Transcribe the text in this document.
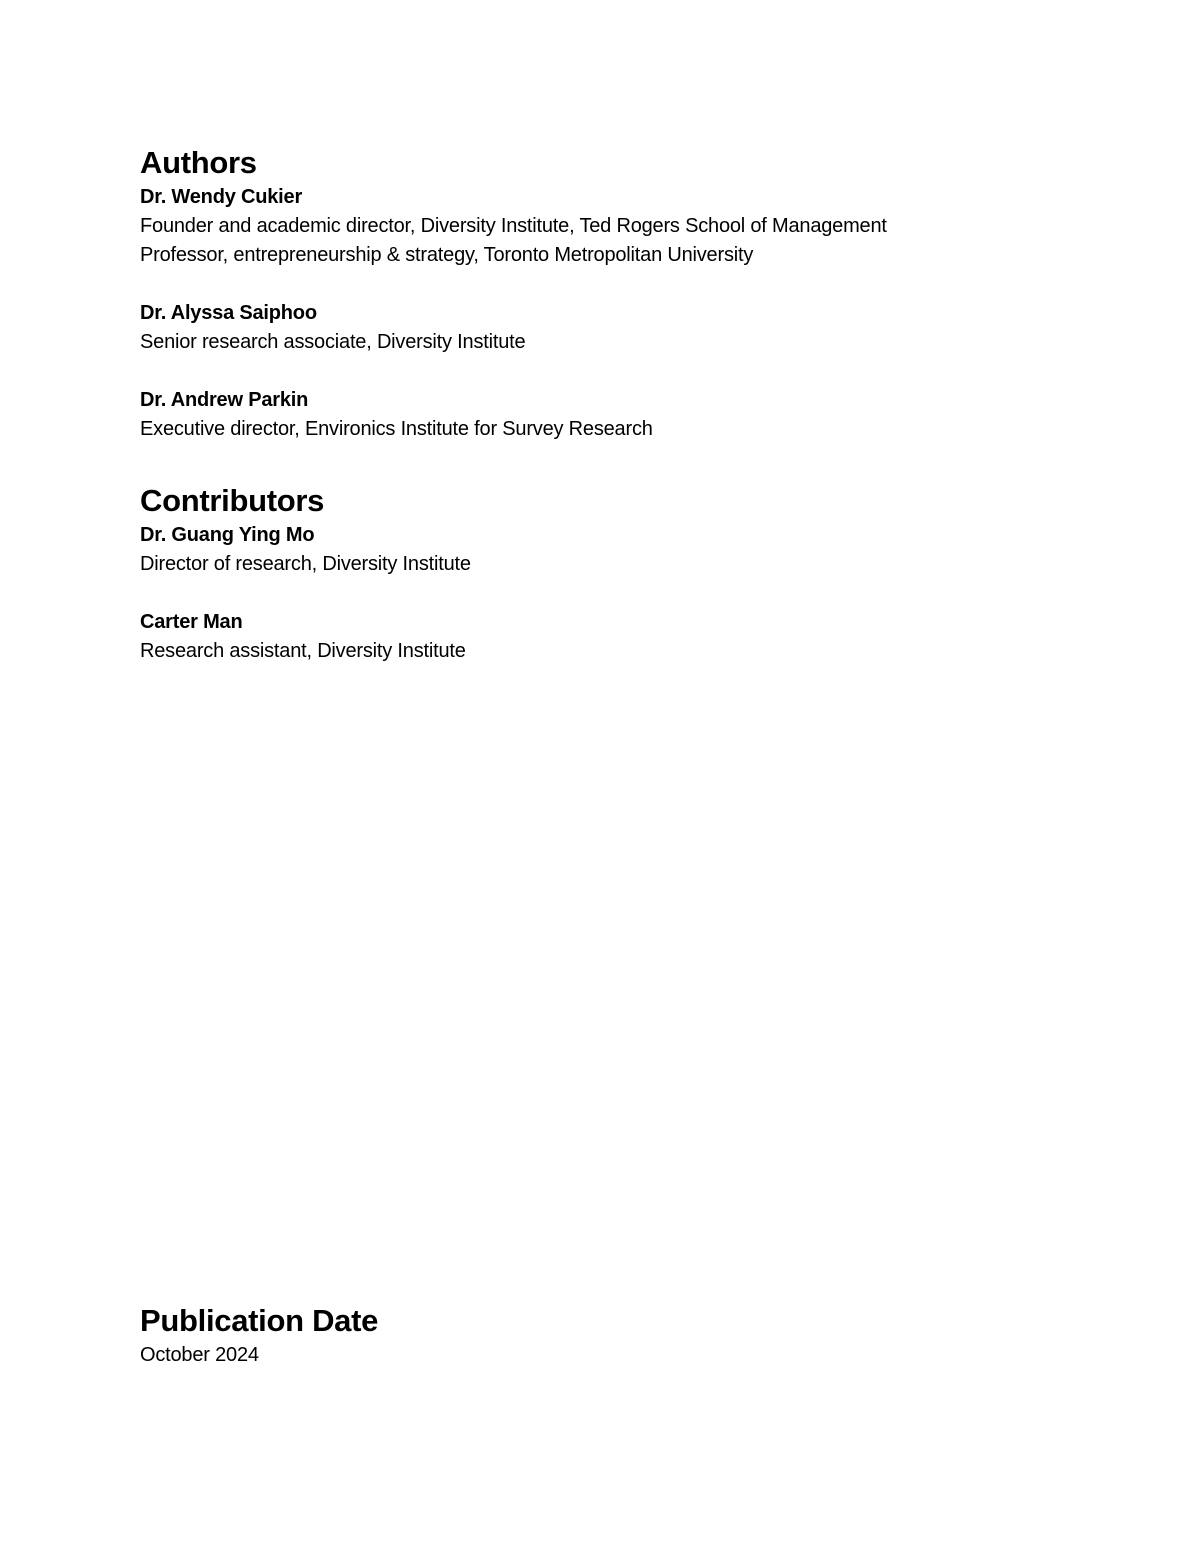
Authors
Dr. Wendy Cukier
Founder and academic director, Diversity Institute, Ted Rogers School of Management
Professor, entrepreneurship & strategy, Toronto Metropolitan University
Dr. Alyssa Saiphoo
Senior research associate, Diversity Institute
Dr. Andrew Parkin
Executive director, Environics Institute for Survey Research
Contributors
Dr. Guang Ying Mo
Director of research, Diversity Institute
Carter Man
Research assistant, Diversity Institute
Publication Date
October 2024
